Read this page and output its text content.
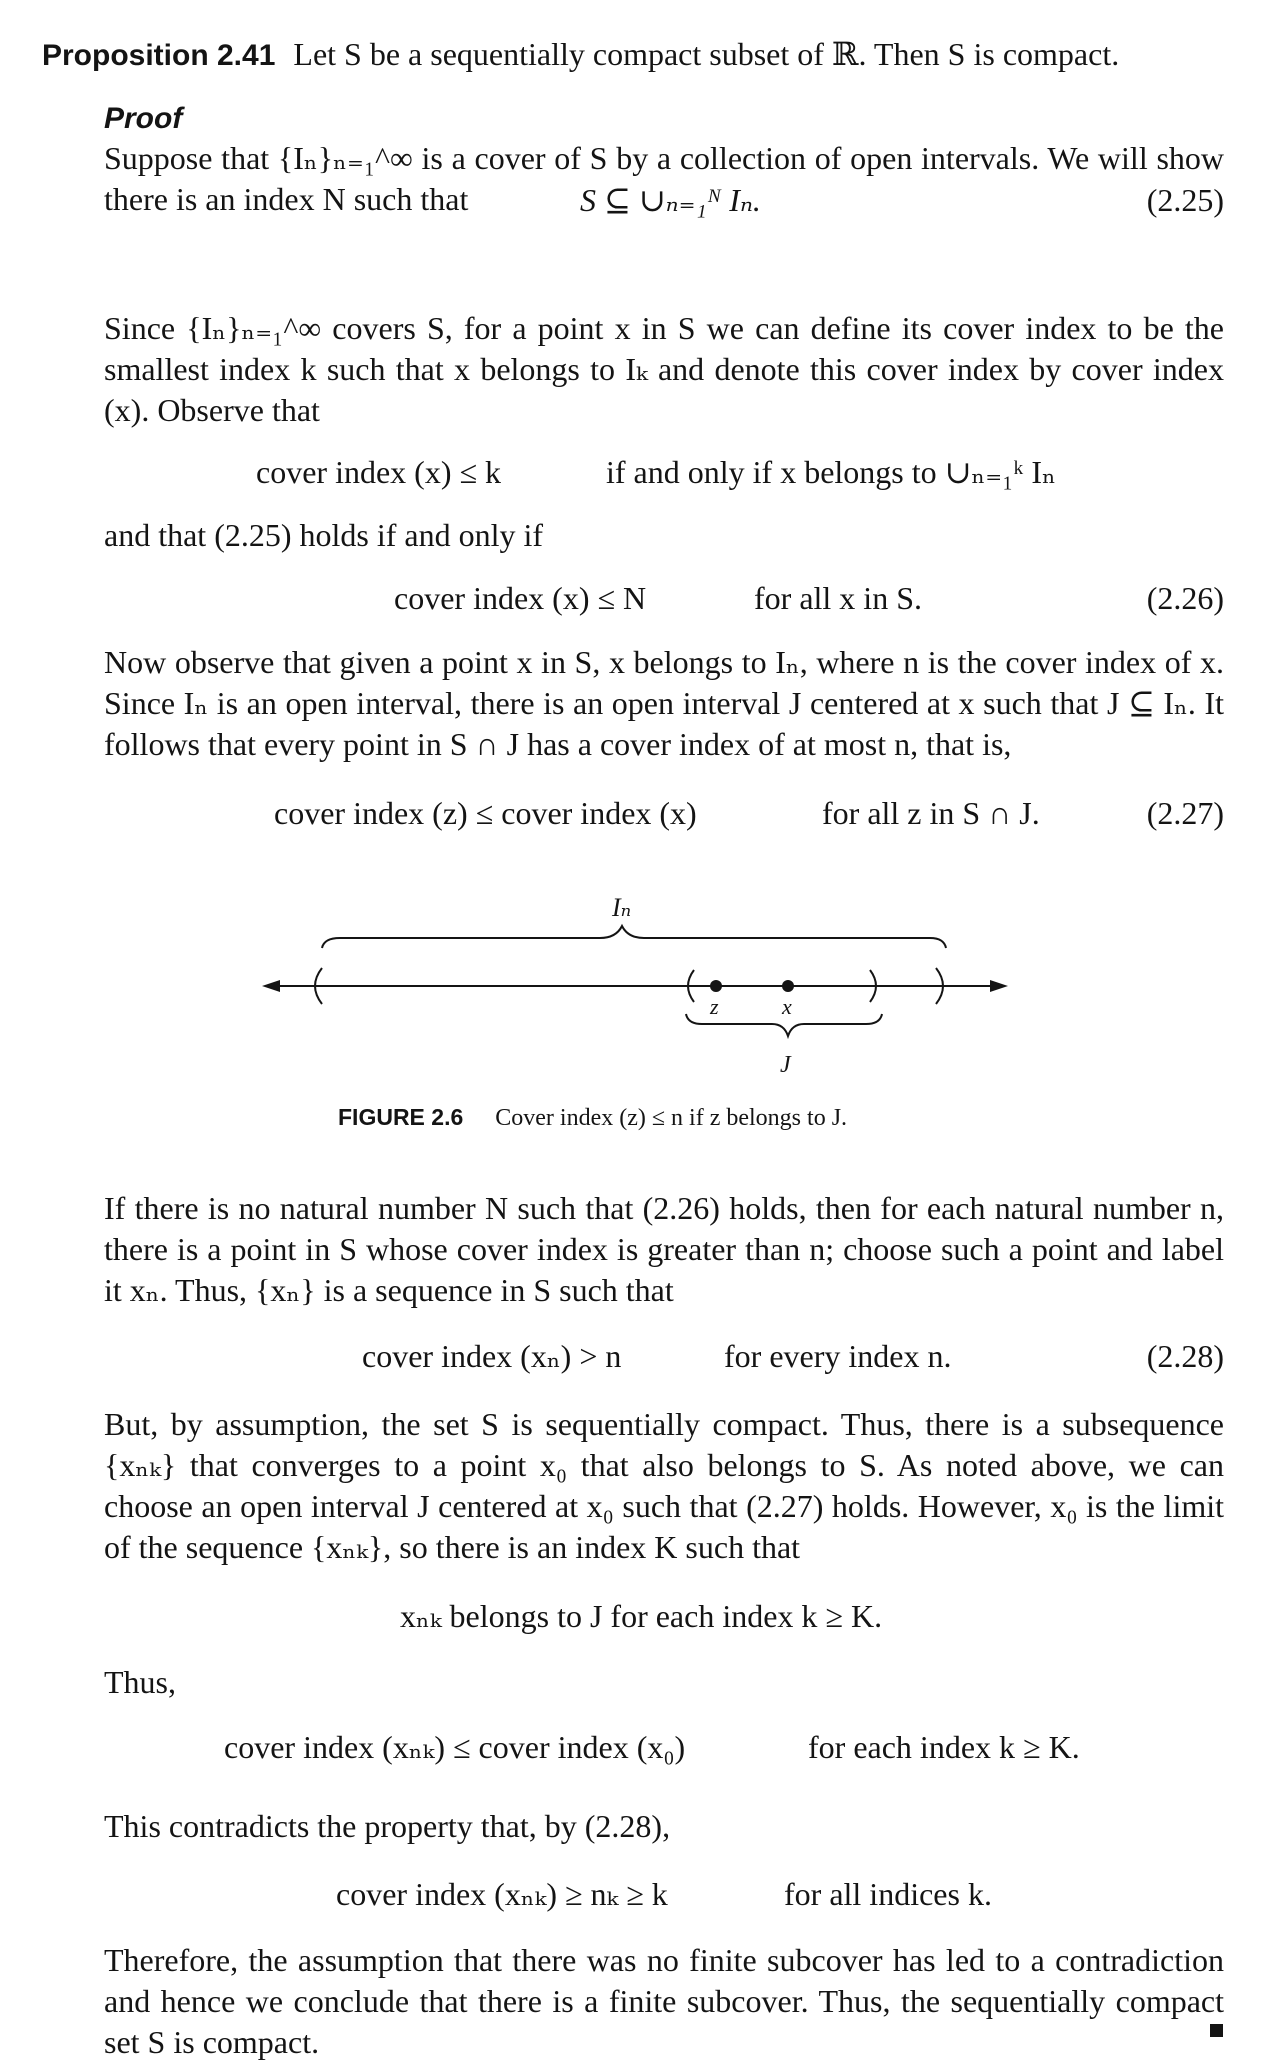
Proposition 2.41 Let S be a sequentially compact subset of ℝ. Then S is compact.
Proof
Suppose that {Iₙ}ₙ₌₁^∞ is a cover of S by a collection of open intervals. We will show there is an index N such that	S ⊆ ∪ₙ₌₁ᴺ Iₙ.	(2.25)
Since {Iₙ}ₙ₌₁^∞ covers S, for a point x in S we can define its cover index to be the smallest index k such that x belongs to Iₖ and denote this cover index by cover index (x). Observe that
cover index (x) ≤ k	if and only if x belongs to ∪ₙ₌₁ᵏ Iₙ
and that (2.25) holds if and only if
cover index (x) ≤ N	for all x in S.	(2.26)
Now observe that given a point x in S, x belongs to Iₙ, where n is the cover index of x. Since Iₙ is an open interval, there is an open interval J centered at x such that J ⊆ Iₙ. It follows that every point in S ∩ J has a cover index of at most n, that is,
cover index (z) ≤ cover index (x)	for all z in S ∩ J.	(2.27)
Iₙ
z	x
J
FIGURE 2.6 Cover index (z) ≤ n if z belongs to J.
If there is no natural number N such that (2.26) holds, then for each natural number n, there is a point in S whose cover index is greater than n; choose such a point and label it xₙ. Thus, {xₙ} is a sequence in S such that
cover index (xₙ) > n	for every index n.	(2.28)
But, by assumption, the set S is sequentially compact. Thus, there is a subsequence {xₙₖ} that converges to a point x₀ that also belongs to S. As noted above, we can choose an open interval J centered at x₀ such that (2.27) holds. However, x₀ is the limit of the sequence {xₙₖ}, so there is an index K such that
xₙₖ belongs to J for each index k ≥ K.
Thus,
cover index (xₙₖ) ≤ cover index (x₀)	for each index k ≥ K.
This contradicts the property that, by (2.28),
cover index (xₙₖ) ≥ nₖ ≥ k	for all indices k.
Therefore, the assumption that there was no finite subcover has led to a contradiction and hence we conclude that there is a finite subcover. Thus, the sequentially compact set S is compact.
